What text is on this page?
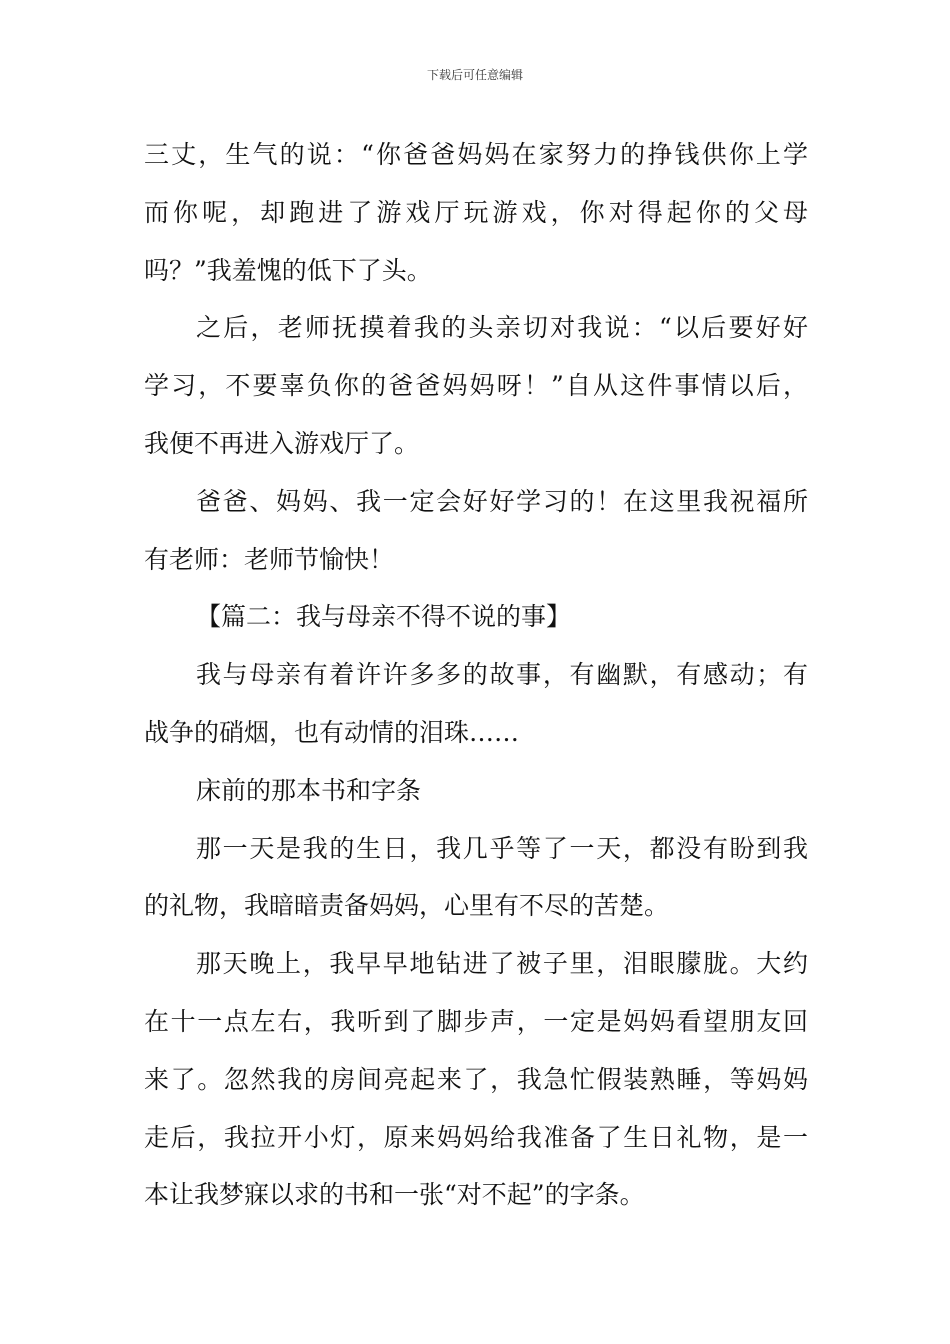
下载后可任意编辑
三丈，生气的说：“你爸爸妈妈在家努力的挣钱供你上学
而你呢，却跑进了游戏厅玩游戏，你对得起你的父母
吗？”我羞愧的低下了头。
之后，老师抚摸着我的头亲切对我说：“以后要好好
学习，不要辜负你的爸爸妈妈呀！”自从这件事情以后，
我便不再进入游戏厅了。
爸爸、妈妈、我一定会好好学习的！在这里我祝福所
有老师：老师节愉快！
【篇二：我与母亲不得不说的事】
我与母亲有着许许多多的故事，有幽默，有感动；有
战争的硝烟，也有动情的泪珠……
床前的那本书和字条
那一天是我的生日，我几乎等了一天，都没有盼到我
的礼物，我暗暗责备妈妈，心里有不尽的苦楚。
那天晚上，我早早地钻进了被子里，泪眼朦胧。大约
在十一点左右，我听到了脚步声，一定是妈妈看望朋友回
来了。忽然我的房间亮起来了，我急忙假装熟睡，等妈妈
走后，我拉开小灯，原来妈妈给我准备了生日礼物，是一
本让我梦寐以求的书和一张“对不起”的字条。
